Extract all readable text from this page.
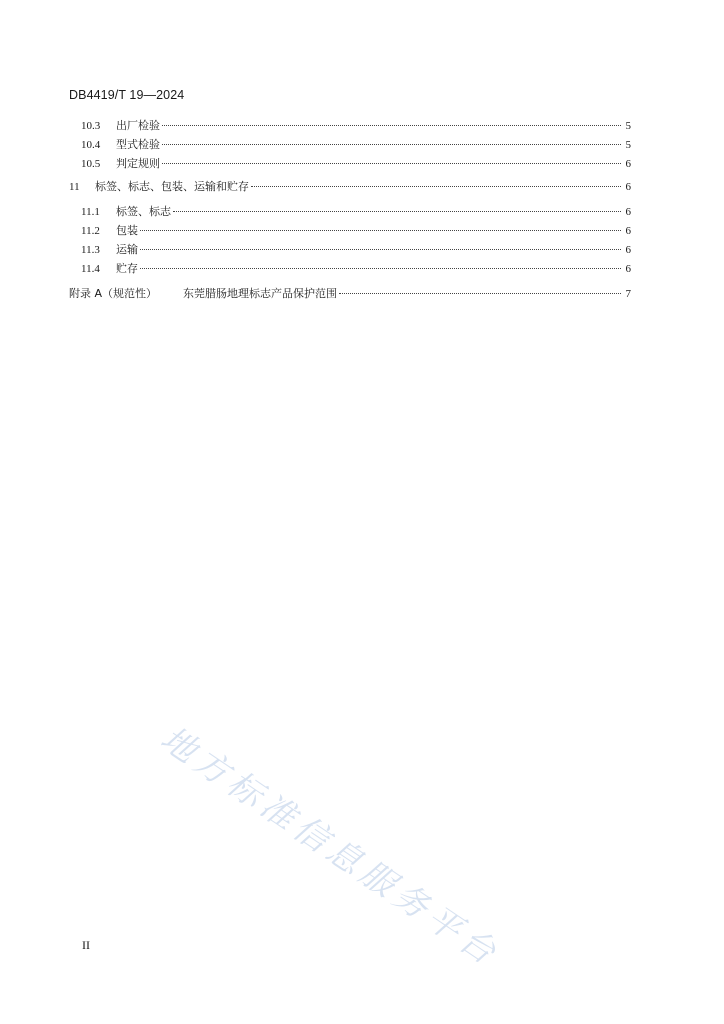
DB4419/T 19—2024
10.3	出厂检验	5
10.4	型式检验	5
10.5	判定规则	6
11	标签、标志、包装、运输和贮存	6
11.1	标签、标志	6
11.2	包装	6
11.3	运输	6
11.4	贮存	6
附录 A（规范性）	东莞腊肠地理标志产品保护范围	7
地方标准信息服务平台
II
